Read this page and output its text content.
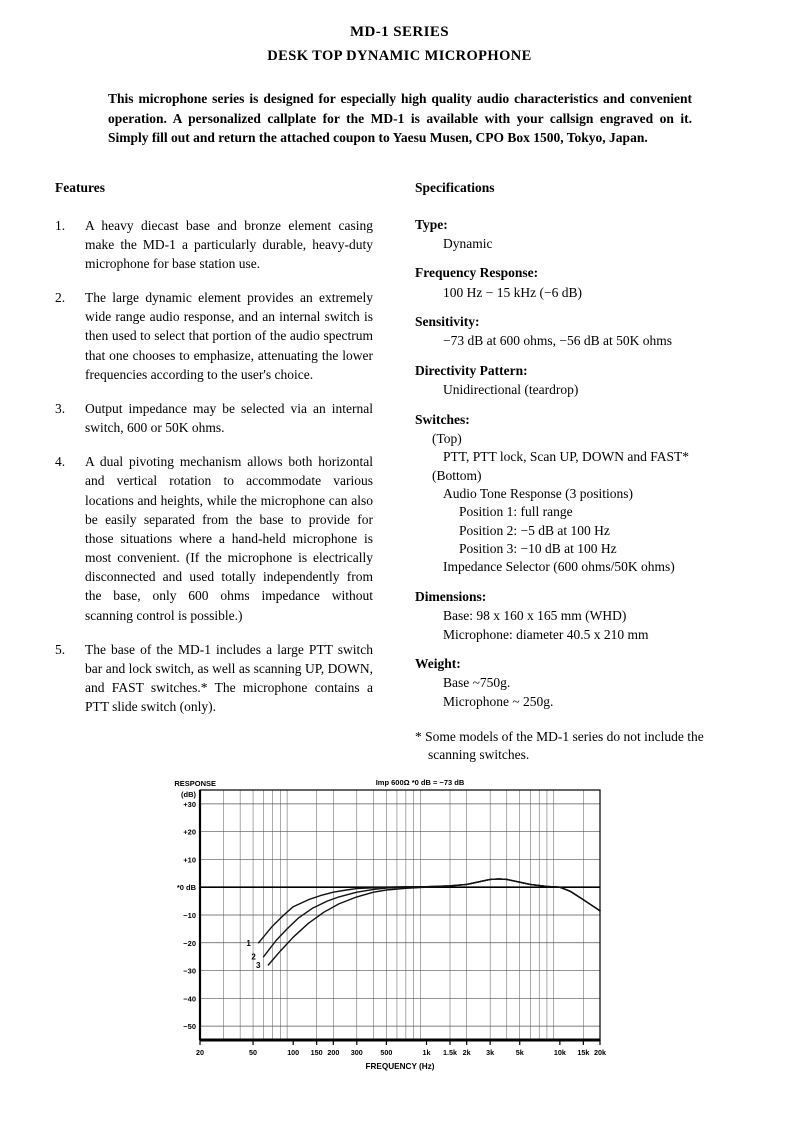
MD-1 SERIES
DESK TOP DYNAMIC MICROPHONE
This microphone series is designed for especially high quality audio characteristics and convenient operation. A personalized callplate for the MD-1 is available with your callsign engraved on it. Simply fill out and return the attached coupon to Yaesu Musen, CPO Box 1500, Tokyo, Japan.
Features
1.	A heavy diecast base and bronze element casing make the MD-1 a particularly durable, heavy-duty microphone for base station use.
2.	The large dynamic element provides an extremely wide range audio response, and an internal switch is then used to select that portion of the audio spectrum that one chooses to emphasize, attenuating the lower frequencies according to the user's choice.
3.	Output impedance may be selected via an internal switch, 600 or 50K ohms.
4.	A dual pivoting mechanism allows both horizontal and vertical rotation to accommodate various locations and heights, while the microphone can also be easily separated from the base to provide for those situations where a hand-held microphone is most convenient. (If the microphone is electrically disconnected and used totally independently from the base, only 600 ohms impedance without scanning control is possible.)
5.	The base of the MD-1 includes a large PTT switch bar and lock switch, as well as scanning UP, DOWN, and FAST switches.* The microphone contains a PTT slide switch (only).
Specifications
Type:
Dynamic
Frequency Response:
100 Hz − 15 kHz (−6 dB)
Sensitivity:
−73 dB at 600 ohms, −56 dB at 50K ohms
Directivity Pattern:
Unidirectional (teardrop)
Switches:
(Top)
PTT, PTT lock, Scan UP, DOWN and FAST*
(Bottom)
Audio Tone Response (3 positions)
Position 1: full range
Position 2: −5 dB at 100 Hz
Position 3: −10 dB at 100 Hz
Impedance Selector (600 ohms/50K ohms)
Dimensions:
Base: 98 x 160 x 165 mm (WHD)
Microphone: diameter 40.5 x 210 mm
Weight:
Base ~750g.
Microphone ~ 250g.
* Some models of the MD-1 series do not include the scanning switches.
+30
+20
+10
*0 dB
−10
−20
−30
−40
−50
RESPONSE
(dB)
Imp 600Ω *0 dB = −73 dB
20	50	100 150 200 300 500	1k 1.5k 2k 3k	5k	10k 15k 20k
FREQUENCY (Hz)
1
2
3
